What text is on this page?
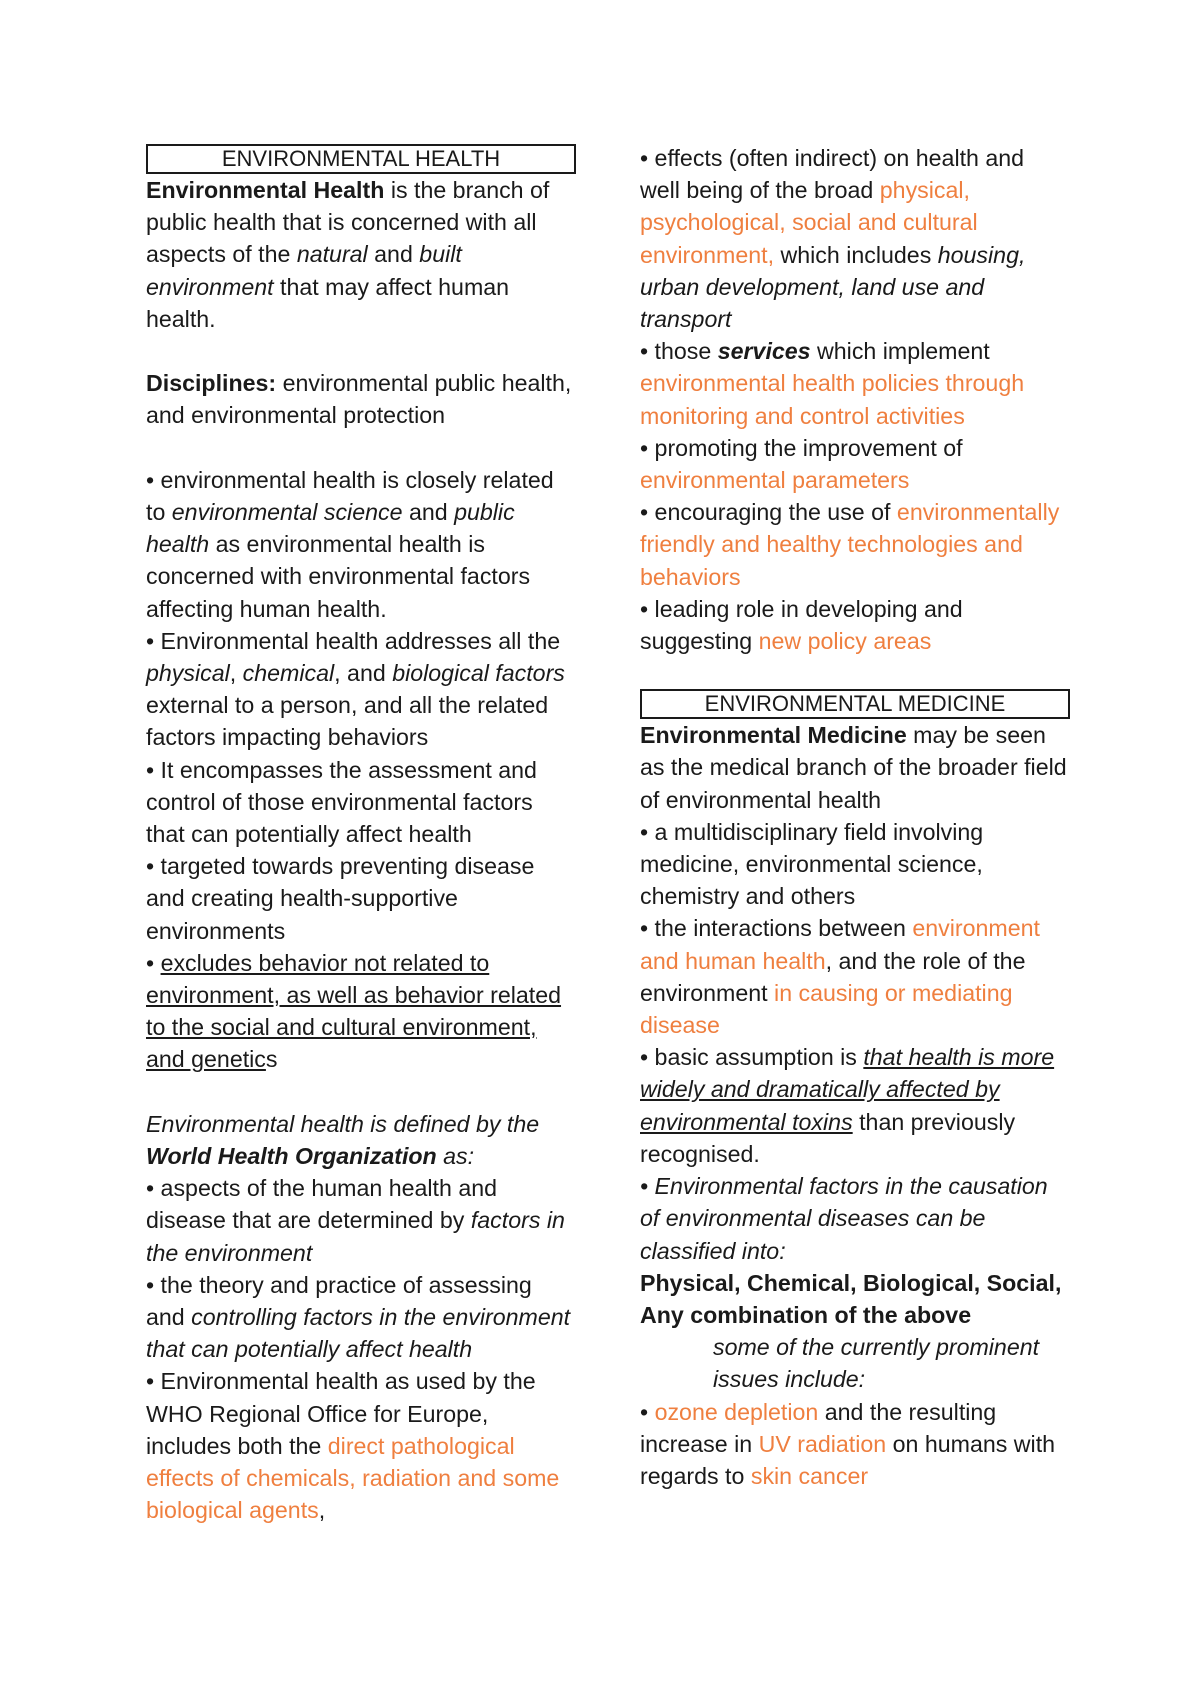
ENVIRONMENTAL HEALTH

Environmental Health is the branch of public health that is concerned with all aspects of the natural and built environment that may affect human health.

Disciplines: environmental public health, and environmental protection

• environmental health is closely related to environmental science and public health as environmental health is concerned with environmental factors affecting human health.

• Environmental health addresses all the physical, chemical, and biological factors external to a person, and all the related factors impacting behaviors

• It encompasses the assessment and control of those environmental factors that can potentially affect health

• targeted towards preventing disease and creating health-supportive environments

• excludes behavior not related to environment, as well as behavior related to the social and cultural environment, and genetics

Environmental health is defined by the World Health Organization as:

• aspects of the human health and disease that are determined by factors in the environment

• the theory and practice of assessing and controlling factors in the environment that can potentially affect health

• Environmental health as used by the WHO Regional Office for Europe, includes both the direct pathological effects of chemicals, radiation and some biological agents,

• effects (often indirect) on health and well being of the broad physical, psychological, social and cultural environment, which includes housing, urban development, land use and transport

• those services which implement environmental health policies through monitoring and control activities

• promoting the improvement of environmental parameters

• encouraging the use of environmentally friendly and healthy technologies and behaviors

• leading role in developing and suggesting new policy areas

ENVIRONMENTAL MEDICINE

Environmental Medicine may be seen as the medical branch of the broader field of environmental health

• a multidisciplinary field involving medicine, environmental science, chemistry and others

• the interactions between environment and human health, and the role of the environment in causing or mediating disease

• basic assumption is that health is more widely and dramatically affected by environmental toxins than previously recognised.

• Environmental factors in the causation of environmental diseases can be classified into:

Physical, Chemical, Biological, Social, Any combination of the above

some of the currently prominent issues include:

• ozone depletion and the resulting increase in UV radiation on humans with regards to skin cancer
